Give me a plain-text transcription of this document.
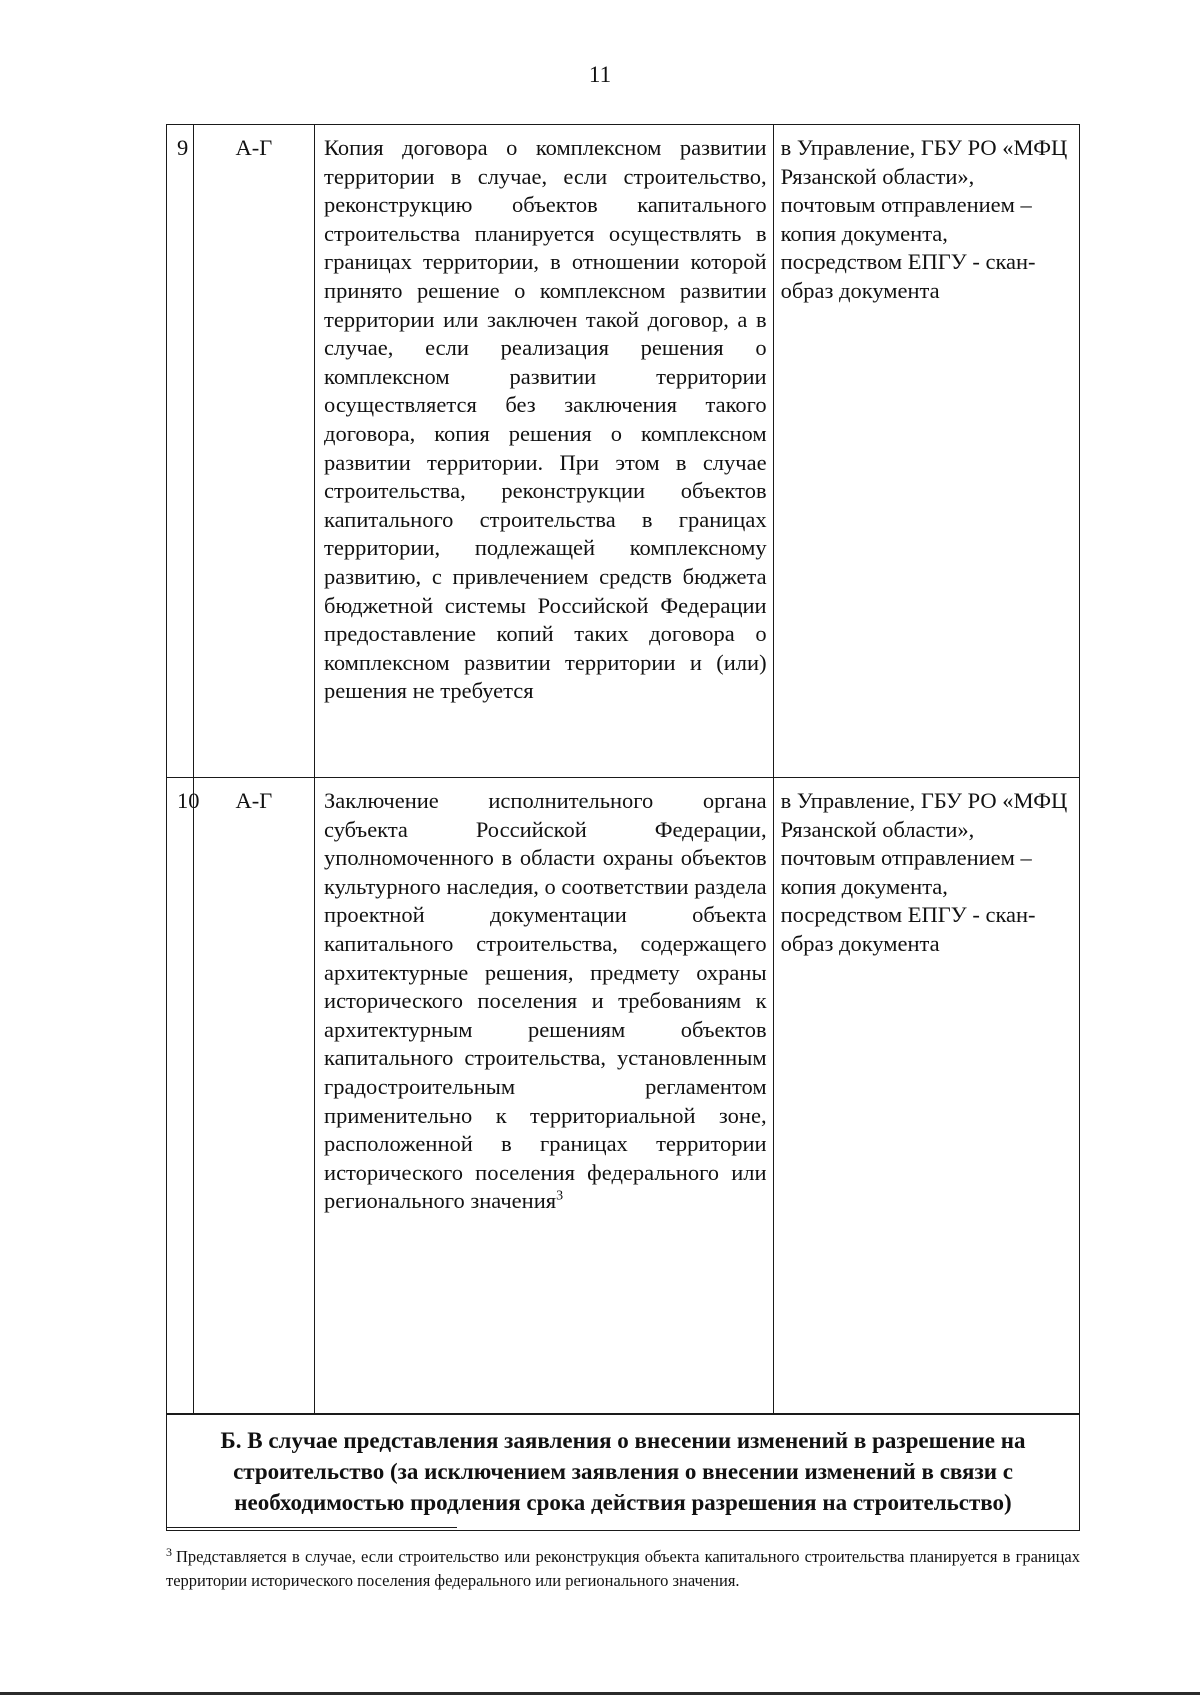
11
9	А-Г	Копия договора о комплексном развитии территории в случае, если строительство, реконструкцию объектов капитального строительства планируется осуществлять в границах территории, в отношении которой принято решение о комплексном развитии территории или заключен такой договор, а в случае, если реализация решения о комплексном развитии территории осуществляется без заключения такого договора, копия решения о комплексном развитии территории. При этом в случае строительства, реконструкции объектов капитального строительства в границах территории, подлежащей комплексному развитию, с привлечением средств бюджета бюджетной системы Российской Федерации предоставление копий таких договора о комплексном развитии территории и (или) решения не требуется	в Управление, ГБУ РО «МФЦ Рязанской области», почтовым отправлением – копия документа, посредством ЕПГУ - скан-образ документа
10	А-Г	Заключение исполнительного органа субъекта Российской Федерации, уполномоченного в области охраны объектов культурного наследия, о соответствии раздела проектной документации объекта капитального строительства, содержащего архитектурные решения, предмету охраны исторического поселения и требованиям к архитектурным решениям объектов капитального строительства, установленным градостроительным регламентом применительно к территориальной зоне, расположенной в границах территории исторического поселения федерального или регионального значения$^3$	в Управление, ГБУ РО «МФЦ Рязанской области», почтовым отправлением – копия документа, посредством ЕПГУ - скан-образ документа
Б. В случае представления заявления о внесении изменений в разрешение на строительство (за исключением заявления о внесении изменений в связи с необходимостью продления срока действия разрешения на строительство)			
$^3$ Представляется в случае, если строительство или реконструкция объекта капитального строительства планируется в границах территории исторического поселения федерального или регионального значения.
